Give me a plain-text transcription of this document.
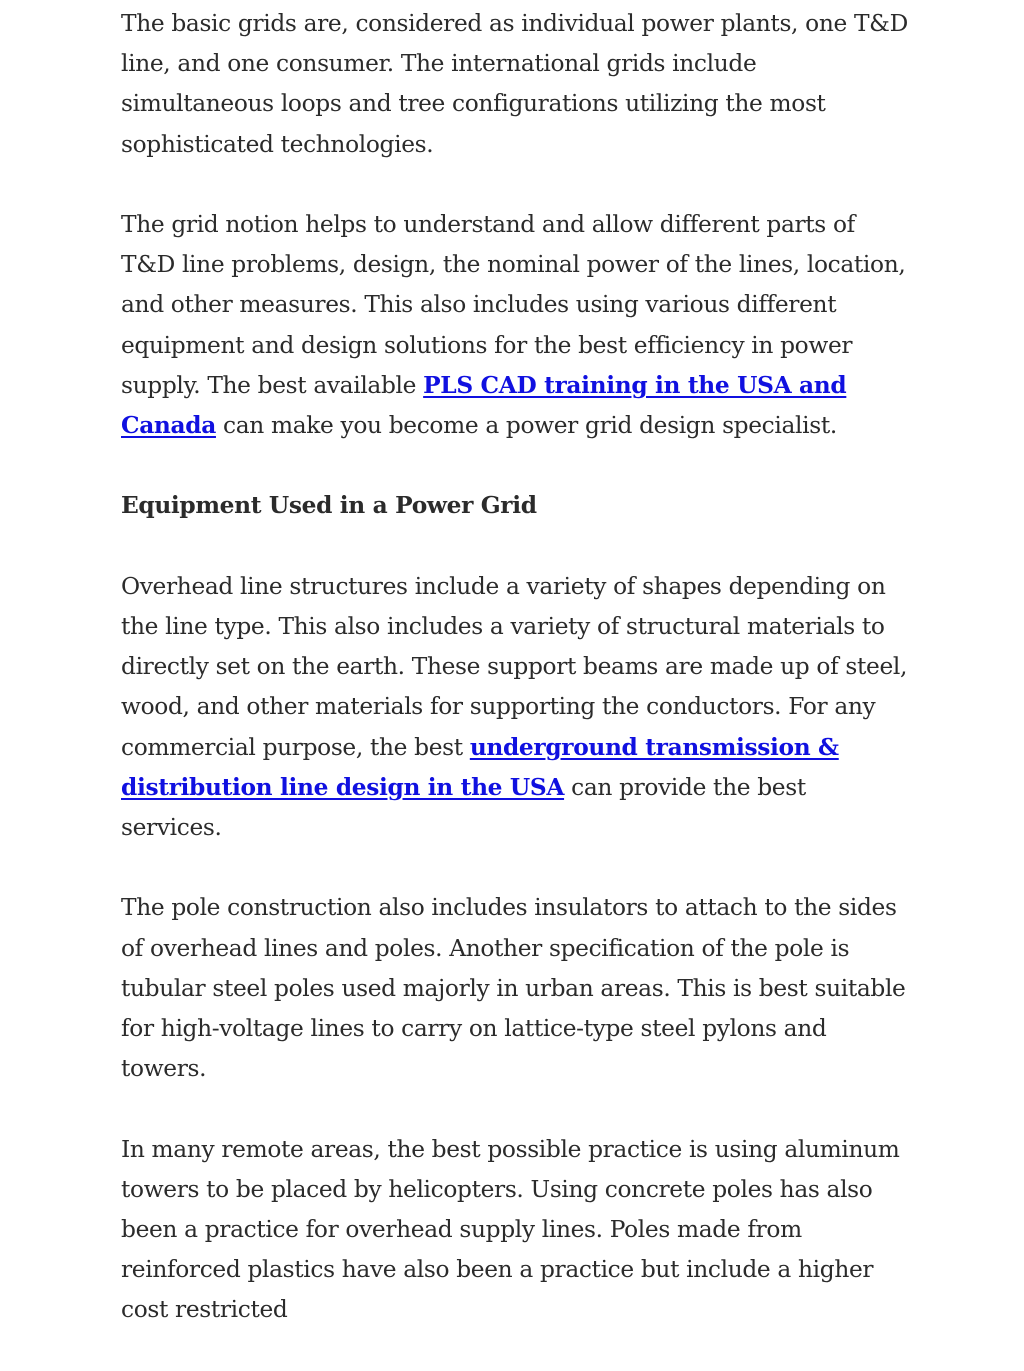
The basic grids are, considered as individual power plants, one T&D line, and one consumer. The international grids include simultaneous loops and tree configurations utilizing the most sophisticated technologies.

The grid notion helps to understand and allow different parts of T&D line problems, design, the nominal power of the lines, location, and other measures. This also includes using various different equipment and design solutions for the best efficiency in power supply. The best available PLS CAD training in the USA and Canada can make you become a power grid design specialist.

Equipment Used in a Power Grid

Overhead line structures include a variety of shapes depending on the line type. This also includes a variety of structural materials to directly set on the earth. These support beams are made up of steel, wood, and other materials for supporting the conductors. For any commercial purpose, the best underground transmission & distribution line design in the USA can provide the best services.

The pole construction also includes insulators to attach to the sides of overhead lines and poles. Another specification of the pole is tubular steel poles used majorly in urban areas. This is best suitable for high-voltage lines to carry on lattice-type steel pylons and towers.

In many remote areas, the best possible practice is using aluminum towers to be placed by helicopters. Using concrete poles has also been a practice for overhead supply lines. Poles made from reinforced plastics have also been a practice but include a higher cost restricted
